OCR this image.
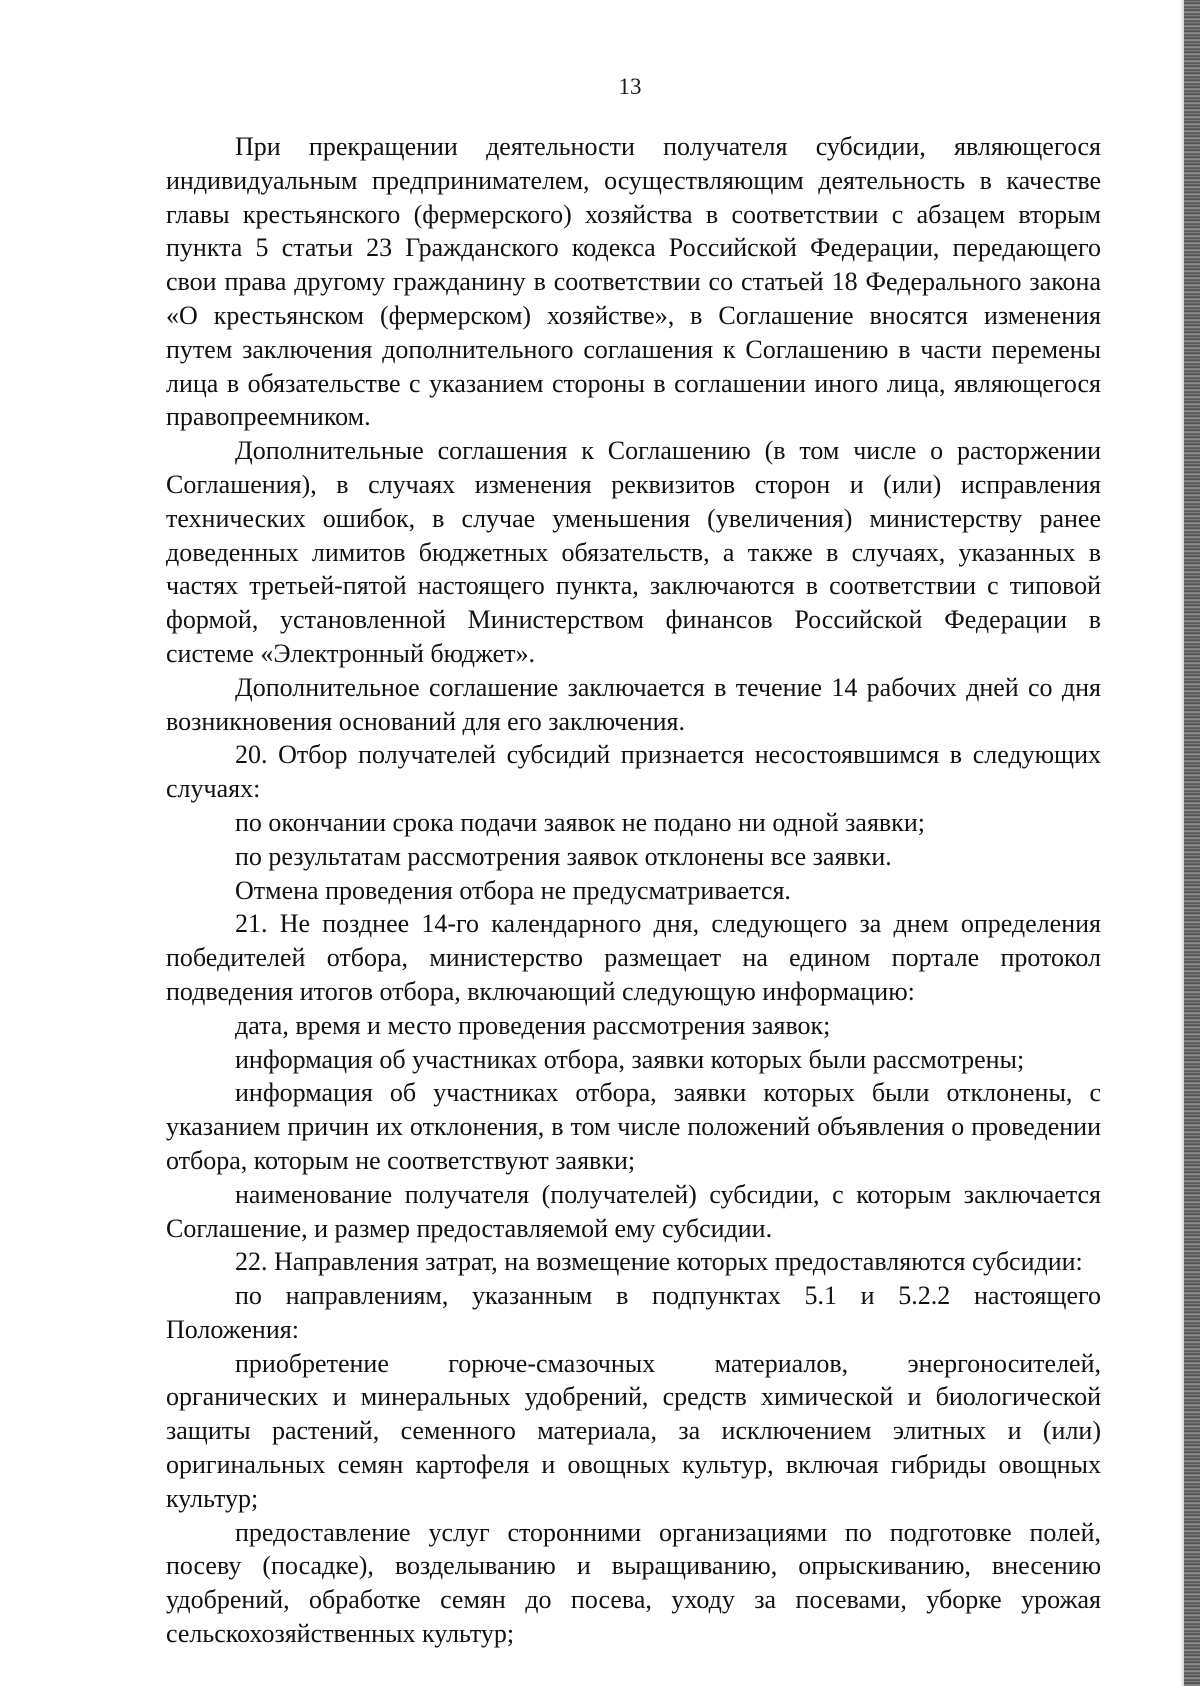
13

При прекращении деятельности получателя субсидии, являющегося индивидуальным предпринимателем, осуществляющим деятельность в качестве главы крестьянского (фермерского) хозяйства в соответствии с абзацем вторым пункта 5 статьи 23 Гражданского кодекса Российской Федерации, передающего свои права другому гражданину в соответствии со статьей 18 Федерального закона «О крестьянском (фермерском) хозяйстве», в Соглашение вносятся изменения путем заключения дополнительного соглашения к Соглашению в части перемены лица в обязательстве с указанием стороны в соглашении иного лица, являющегося правопреемником.

Дополнительные соглашения к Соглашению (в том числе о расторжении Соглашения), в случаях изменения реквизитов сторон и (или) исправления технических ошибок, в случае уменьшения (увеличения) министерству ранее доведенных лимитов бюджетных обязательств, а также в случаях, указанных в частях третьей-пятой настоящего пункта, заключаются в соответствии с типовой формой, установленной Министерством финансов Российской Федерации в системе «Электронный бюджет».

Дополнительное соглашение заключается в течение 14 рабочих дней со дня возникновения оснований для его заключения.

20. Отбор получателей субсидий признается несостоявшимся в следующих случаях:

по окончании срока подачи заявок не подано ни одной заявки;

по результатам рассмотрения заявок отклонены все заявки.

Отмена проведения отбора не предусматривается.

21. Не позднее 14-го календарного дня, следующего за днем определения победителей отбора, министерство размещает на едином портале протокол подведения итогов отбора, включающий следующую информацию:

дата, время и место проведения рассмотрения заявок;

информация об участниках отбора, заявки которых были рассмотрены;

информация об участниках отбора, заявки которых были отклонены, с указанием причин их отклонения, в том числе положений объявления о проведении отбора, которым не соответствуют заявки;

наименование получателя (получателей) субсидии, с которым заключается Соглашение, и размер предоставляемой ему субсидии.

22. Направления затрат, на возмещение которых предоставляются субсидии:

по направлениям, указанным в подпунктах 5.1 и 5.2.2 настоящего Положения:

приобретение горюче-смазочных материалов, энергоносителей, органических и минеральных удобрений, средств химической и биологической защиты растений, семенного материала, за исключением элитных и (или) оригинальных семян картофеля и овощных культур, включая гибриды овощных культур;

предоставление услуг сторонними организациями по подготовке полей, посеву (посадке), возделыванию и выращиванию, опрыскиванию, внесению удобрений, обработке семян до посева, уходу за посевами, уборке урожая сельскохозяйственных культур;
